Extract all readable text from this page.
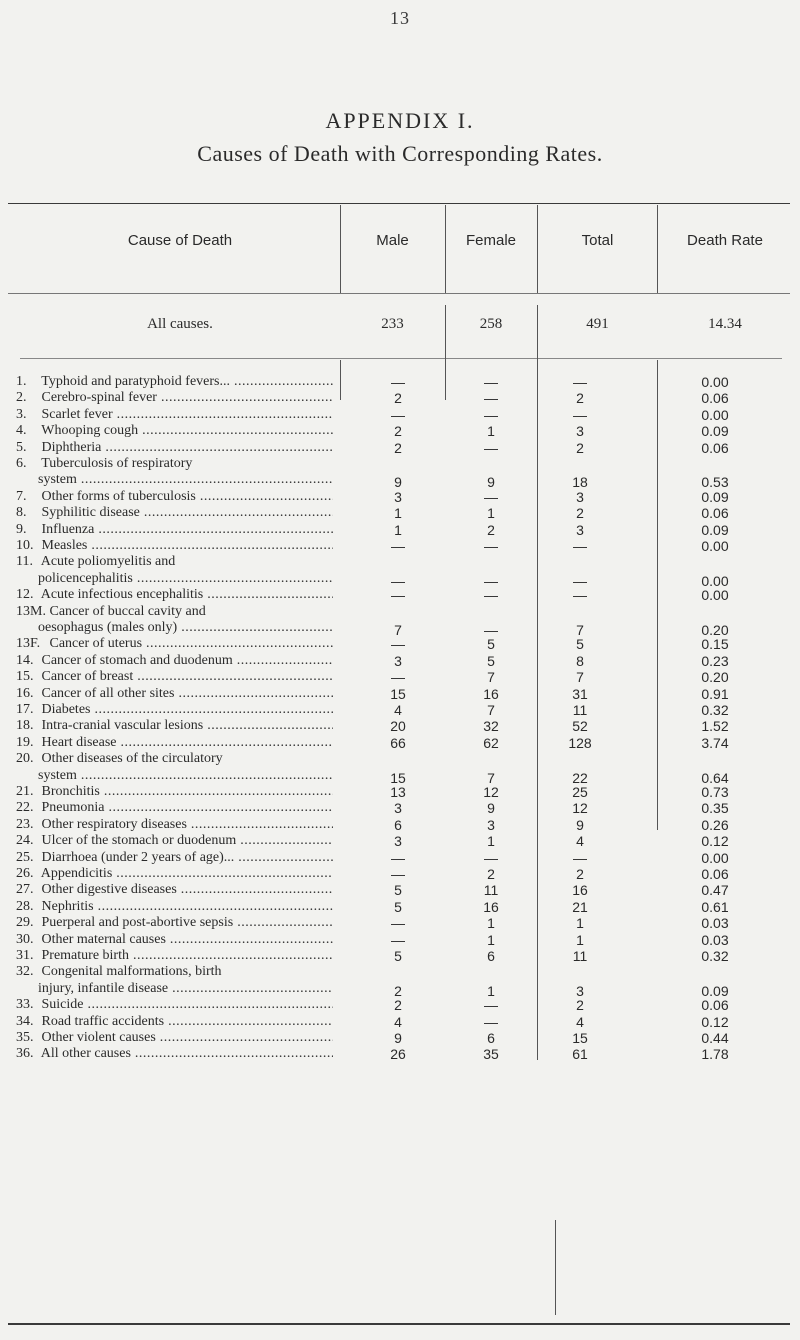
13
APPENDIX I.
Causes of Death with Corresponding Rates.
Cause of Death	Male	Female	Total	Death Rate
All causes.	233	258	491	14.34
1. Typhoid and paratyphoid fevers... .....	—	—	—	0.00
2. Cerebro-spinal fever .....	2	—	2	0.06
3. Scarlet fever .....	—	—	—	0.00
4. Whooping cough .....	2	1	3	0.09
5. Diphtheria .....	2	—	2	0.06
6. Tuberculosis of respiratory
system .....	9	9	18	0.53
7. Other forms of tuberculosis .....	3	—	3	0.09
8. Syphilitic disease .....	1	1	2	0.06
9. Influenza .....	1	2	3	0.09
10. Measles .....	—	—	—	0.00
11. Acute poliomyelitis and
policencephalitis .....	—	—	—	0.00
12. Acute infectious encephalitis .....	—	—	—	0.00
13M. Cancer of buccal cavity and
oesophagus (males only) .....	7	—	7	0.20
13F. Cancer of uterus .....	—	5	5	0.15
14. Cancer of stomach and duodenum .....	3	5	8	0.23
15. Cancer of breast .....	—	7	7	0.20
16. Cancer of all other sites .....	15	16	31	0.91
17. Diabetes .....	4	7	11	0.32
18. Intra-cranial vascular lesions .....	20	32	52	1.52
19. Heart disease .....	66	62	128	3.74
20. Other diseases of the circulatory
system .....	15	7	22	0.64
21. Bronchitis .....	13	12	25	0.73
22. Pneumonia .....	3	9	12	0.35
23. Other respiratory diseases .....	6	3	9	0.26
24. Ulcer of the stomach or duodenum .....	3	1	4	0.12
25. Diarrhoea (under 2 years of age)... .....	—	—	—	0.00
26. Appendicitis .....	—	2	2	0.06
27. Other digestive diseases .....	5	11	16	0.47
28. Nephritis .....	5	16	21	0.61
29. Puerperal and post-abortive sepsis .....	—	1	1	0.03
30. Other maternal causes .....	—	1	1	0.03
31. Premature birth .....	5	6	11	0.32
32. Congenital malformations, birth
injury, infantile disease .....	2	1	3	0.09
33. Suicide .....	2	—	2	0.06
34. Road traffic accidents .....	4	—	4	0.12
35. Other violent causes .....	9	6	15	0.44
36. All other causes .....	26	35	61	1.78
